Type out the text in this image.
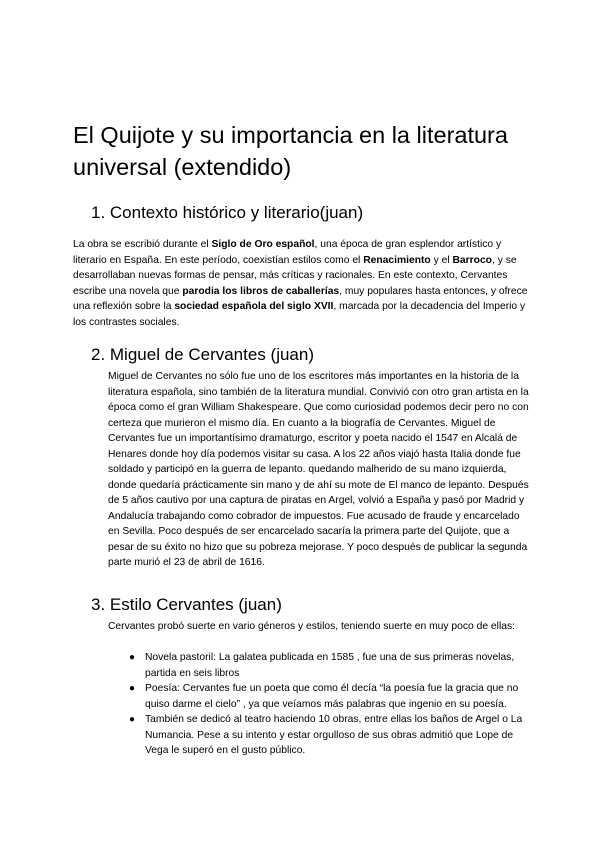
El Quijote y su importancia en la literatura universal (extendido)
1. Contexto histórico y literario(juan)

La obra se escribió durante el Siglo de Oro español, una época de gran esplendor artístico y literario en España. En este período, coexistían estilos como el Renacimiento y el Barroco, y se desarrollaban nuevas formas de pensar, más críticas y racionales. En este contexto, Cervantes escribe una novela que parodia los libros de caballerías, muy populares hasta entonces, y ofrece una reflexión sobre la sociedad española del siglo XVII, marcada por la decadencia del Imperio y los contrastes sociales.

2. Miguel de Cervantes (juan)

Miguel de Cervantes no sólo fue uno de los escritores más importantes en la historia de la literatura española, sino también de la literatura mundial. Convivió con otro gran artista en la época como el gran William Shakespeare. Que como curiosidad podemos decir pero no con certeza que murieron el mismo día. En cuanto a la biografía de Cervantes. Miguel de Cervantes fue un importantísimo dramaturgo, escritor y poeta nacido el 1547 en Alcalá de Henares donde hoy día podemos visitar su casa. A los 22 años viajó hasta Italia donde fue soldado y participó en la guerra de lepanto. quedando malherido de su mano izquierda, donde quedaría prácticamente sin mano y de ahí su mote de El manco de lepanto. Después de 5 años cautivo por una captura de piratas en Argel, volvió a España y pasó por Madrid y Andalucía trabajando como cobrador de impuestos. Fue acusado de fraude y encarcelado en Sevilla. Poco después de ser encarcelado sacaría la primera parte del Quijote, que a pesar de su éxito no hizo que su pobreza mejorase. Y poco después de publicar la segunda parte murió el 23 de abril de 1616.

3. Estilo Cervantes (juan)

Cervantes probó suerte en vario géneros y estilos, teniendo suerte en muy poco de ellas:

● Novela pastoril: La galatea publicada en 1585 , fue una de sus primeras novelas, partida en seis libros
● Poesía: Cervantes fue un poeta que como él decía “la poesía fue la gracia que no quiso darme el cielo” , ya que veíamos más palabras que ingenio en su poesía.
● También se dedicó al teatro haciendo 10 obras, entre ellas los baños de Argel o La Numancia. Pese a su intento y estar orgulloso de sus obras admitió que Lope de Vega le superó en el gusto público.
